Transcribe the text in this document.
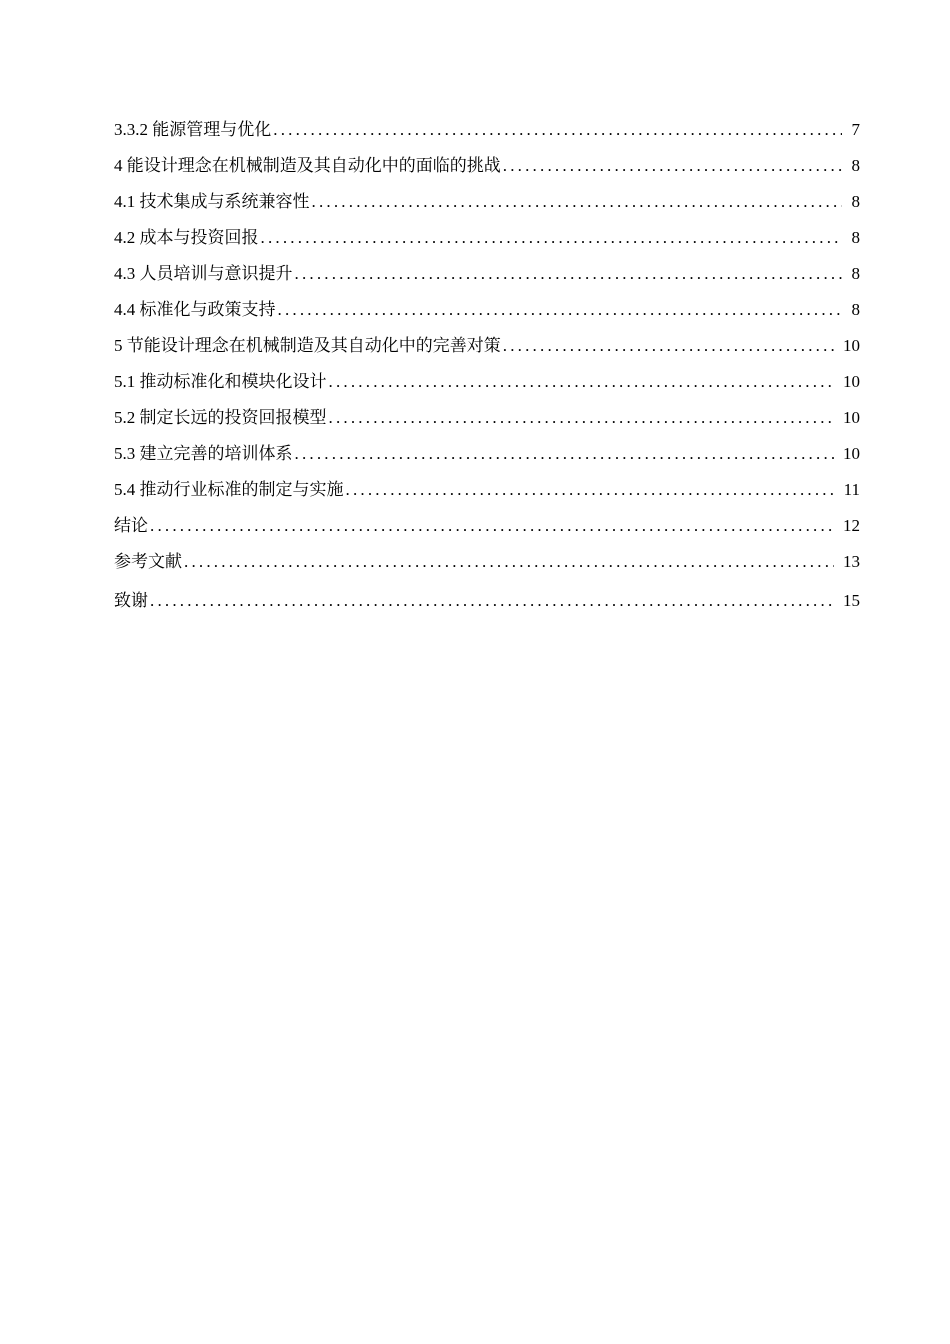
3.3.2 能源管理与优化 .....	7
4 能设计理念在机械制造及其自动化中的面临的挑战 .....	8
4.1 技术集成与系统兼容性 .....	8
4.2 成本与投资回报 .....	8
4.3 人员培训与意识提升 .....	8
4.4 标准化与政策支持 .....	8
5 节能设计理念在机械制造及其自动化中的完善对策 .....	10
5.1 推动标准化和模块化设计 .....	10
5.2 制定长远的投资回报模型 .....	10
5.3 建立完善的培训体系 .....	10
5.4 推动行业标准的制定与实施 .....	11
结论 .....	12
参考文献 .....	13
致谢 .....	15
